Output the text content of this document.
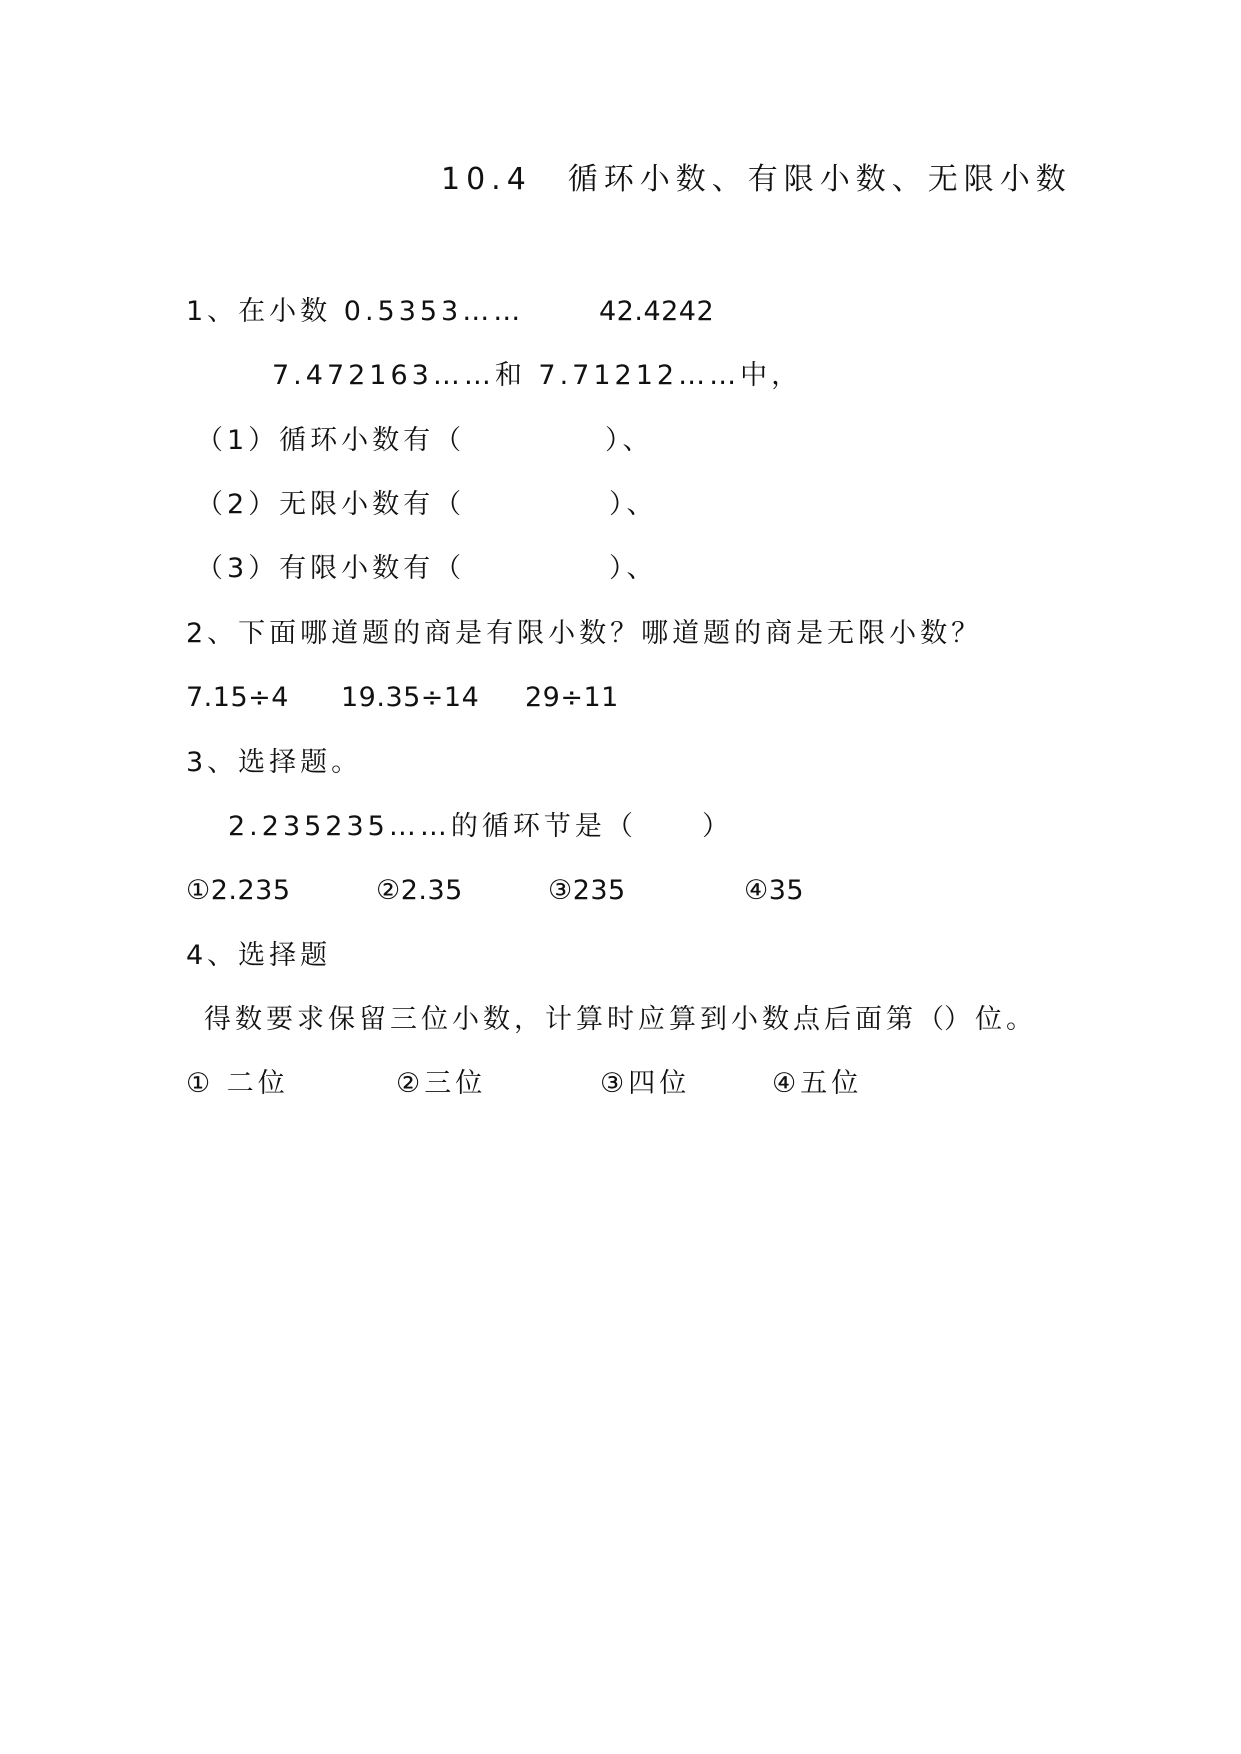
10.4　循环小数、有限小数、无限小数
1、在小数 0.5353……	42.4242
7.472163……和 7.71212……中，
（1）循环小数有（	）、
（2）无限小数有（	）、
（3）有限小数有（	）、
2、下面哪道题的商是有限小数？哪道题的商是无限小数？
7.15÷4 19.35÷14 29÷11
3、选择题。
2.235235……的循环节是（ ）
①2.235	②2.35	③235	④35
4、选择题
得数要求保留三位小数，计算时应算到小数点后面第（
）位。
① 二位	②三位	③四位	④五位
